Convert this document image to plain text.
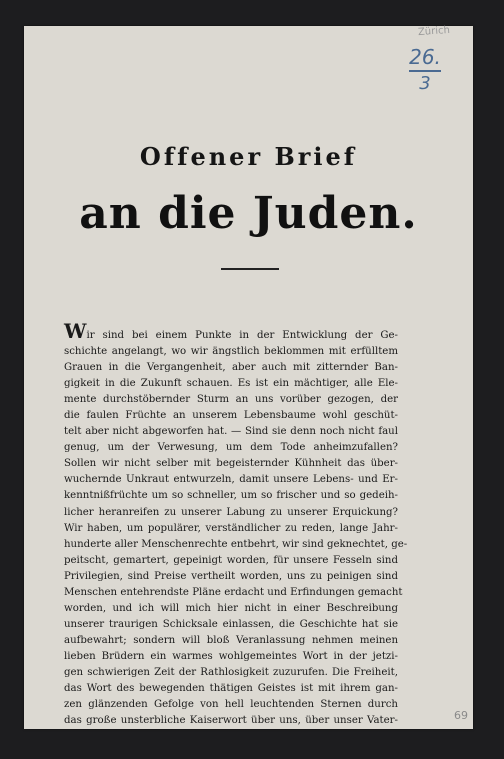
Zürich
26.
3
Offener Brief
an die Juden.
Wir sind bei einem Punkte in der Entwicklung der Ge-
schichte angelangt, wo wir ängstlich beklommen mit erfülltem
Grauen in die Vergangenheit, aber auch mit zitternder Ban-
gigkeit in die Zukunft schauen. Es ist ein mächtiger, alle Ele-
mente durchstöbernder Sturm an uns vorüber gezogen, der
die faulen Früchte an unserem Lebensbaume wohl geschüt-
telt aber nicht abgeworfen hat. — Sind sie denn noch nicht faul
genug, um der Verwesung, um dem Tode anheimzufallen?
Sollen wir nicht selber mit begeisternder Kühnheit das über-
wuchernde Unkraut entwurzeln, damit unsere Lebens- und Er-
kenntnißfrüchte um so schneller, um so frischer und so gedeih-
licher heranreifen zu unserer Labung zu unserer Erquickung?
Wir haben, um populärer, verständlicher zu reden, lange Jahr-
hunderte aller Menschenrechte entbehrt, wir sind geknechtet, ge-
peitscht, gemartert, gepeinigt worden, für unsere Fesseln sind
Privilegien, sind Preise vertheilt worden, uns zu peinigen sind
Menschen entehrendste Pläne erdacht und Erfindungen gemacht
worden, und ich will mich hier nicht in einer Beschreibung
unserer traurigen Schicksale einlassen, die Geschichte hat sie
aufbewahrt; sondern will bloß Veranlassung nehmen meinen
lieben Brüdern ein warmes wohlgemeintes Wort in der jetzi-
gen schwierigen Zeit der Rathlosigkeit zuzurufen. Die Freiheit,
das Wort des bewegenden thätigen Geistes ist mit ihrem gan-
zen glänzenden Gefolge von hell leuchtenden Sternen durch
das große unsterbliche Kaiserwort über uns, über unser Vater-	69
